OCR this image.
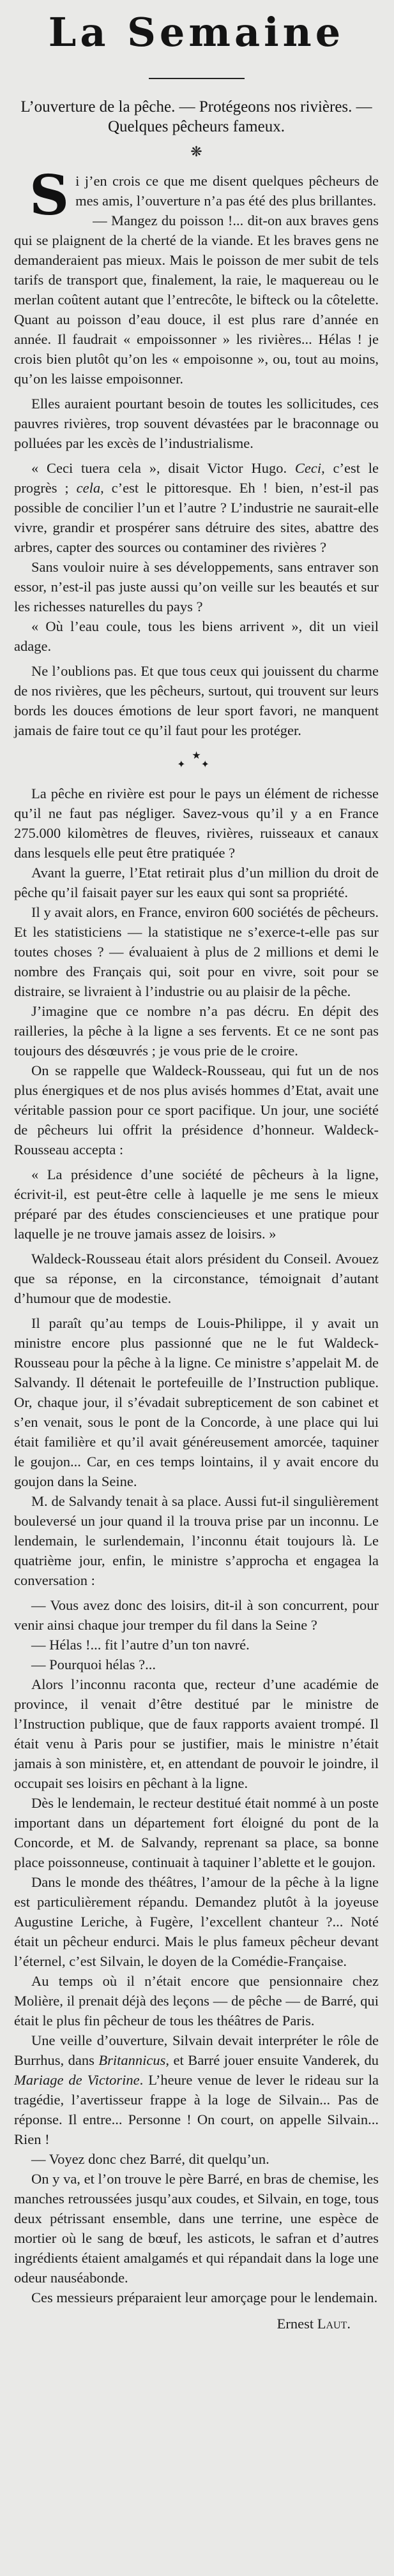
La Semaine
L’ouverture de la pêche. — Protégeons nos rivières. — Quelques pêcheurs fameux.
❋

Si j’en crois ce que me disent quelques pêcheurs de mes amis, l’ouverture n’a pas été des plus brillantes.

— Mangez du poisson !... dit-on aux braves gens qui se plaignent de la cherté de la viande. Et les braves gens ne demanderaient pas mieux. Mais le poisson de mer subit de tels tarifs de transport que, finalement, la raie, le maquereau ou le merlan coûtent autant que l’entrecôte, le bifteck ou la côtelette. Quant au poisson d’eau douce, il est plus rare d’année en année. Il faudrait « empoissonner » les rivières... Hélas ! je crois bien plutôt qu’on les « empoisonne », ou, tout au moins, qu’on les laisse empoisonner.

Elles auraient pourtant besoin de toutes les sollicitudes, ces pauvres rivières, trop souvent dévastées par le braconnage ou polluées par les excès de l’industrialisme.

« Ceci tuera cela », disait Victor Hugo. Ceci, c’est le progrès ; cela, c’est le pittoresque. Eh ! bien, n’est-il pas possible de concilier l’un et l’autre ? L’industrie ne saurait-elle vivre, grandir et prospérer sans détruire des sites, abattre des arbres, capter des sources ou contaminer des rivières ?

Sans vouloir nuire à ses développements, sans entraver son essor, n’est-il pas juste aussi qu’on veille sur les beautés et sur les richesses naturelles du pays ?

« Où l’eau coule, tous les biens arrivent », dit un vieil adage.

Ne l’oublions pas. Et que tous ceux qui jouissent du charme de nos rivières, que les pêcheurs, surtout, qui trouvent sur leurs bords les douces émotions de leur sport favori, ne manquent jamais de faire tout ce qu’il faut pour les protéger.

★
✦ ✦

La pêche en rivière est pour le pays un élément de richesse qu’il ne faut pas négliger. Savez-vous qu’il y a en France 275.000 kilomètres de fleuves, rivières, ruisseaux et canaux dans lesquels elle peut être pratiquée ?

Avant la guerre, l’Etat retirait plus d’un million du droit de pêche qu’il faisait payer sur les eaux qui sont sa propriété.

Il y avait alors, en France, environ 600 sociétés de pêcheurs. Et les statisticiens — la statistique ne s’exerce-t-elle pas sur toutes choses ? — évaluaient à plus de 2 millions et demi le nombre des Français qui, soit pour en vivre, soit pour se distraire, se livraient à l’industrie ou au plaisir de la pêche.

J’imagine que ce nombre n’a pas décru. En dépit des railleries, la pêche à la ligne a ses fervents. Et ce ne sont pas toujours des désœuvrés ; je vous prie de le croire.

On se rappelle que Waldeck-Rousseau, qui fut un de nos plus énergiques et de nos plus avisés hommes d’Etat, avait une véritable passion pour ce sport pacifique. Un jour, une société de pêcheurs lui offrit la présidence d’honneur. Waldeck-Rousseau accepta :

« La présidence d’une société de pêcheurs à la ligne, écrivit-il, est peut-être celle à laquelle je me sens le mieux préparé par des études consciencieuses et une pratique pour laquelle je ne trouve jamais assez de loisirs. »

Waldeck-Rousseau était alors président du Conseil. Avouez que sa réponse, en la circonstance, témoignait d’autant d’humour que de modestie.

Il paraît qu’au temps de Louis-Philippe, il y avait un ministre encore plus passionné que ne le fut Waldeck-Rousseau pour la pêche à la ligne. Ce ministre s’appelait M. de Salvandy. Il détenait le portefeuille de l’Instruction publique. Or, chaque jour, il s’évadait subrepticement de son cabinet et s’en venait, sous le pont de la Concorde, à une place qui lui était familière et qu’il avait généreusement amorcée, taquiner le goujon... Car, en ces temps lointains, il y avait encore du goujon dans la Seine.

M. de Salvandy tenait à sa place. Aussi fut-il singulièrement bouleversé un jour quand il la trouva prise par un inconnu. Le lendemain, le surlendemain, l’inconnu était toujours là. Le quatrième jour, enfin, le ministre s’approcha et engagea la conversation :

— Vous avez donc des loisirs, dit-il à son concurrent, pour venir ainsi chaque jour tremper du fil dans la Seine ?

— Hélas !... fit l’autre d’un ton navré.

— Pourquoi hélas ?...

Alors l’inconnu raconta que, recteur d’une académie de province, il venait d’être destitué par le ministre de l’Instruction publique, que de faux rapports avaient trompé. Il était venu à Paris pour se justifier, mais le ministre n’était jamais à son ministère, et, en attendant de pouvoir le joindre, il occupait ses loisirs en pêchant à la ligne.

Dès le lendemain, le recteur destitué était nommé à un poste important dans un département fort éloigné du pont de la Concorde, et M. de Salvandy, reprenant sa place, sa bonne place poissonneuse, continuait à taquiner l’ablette et le goujon.

Dans le monde des théâtres, l’amour de la pêche à la ligne est particulièrement répandu. Demandez plutôt à la joyeuse Augustine Leriche, à Fugère, l’excellent chanteur ?... Noté était un pêcheur endurci. Mais le plus fameux pêcheur devant l’éternel, c’est Silvain, le doyen de la Comédie-Française.

Au temps où il n’était encore que pensionnaire chez Molière, il prenait déjà des leçons — de pêche — de Barré, qui était le plus fin pêcheur de tous les théâtres de Paris.

Une veille d’ouverture, Silvain devait interpréter le rôle de Burrhus, dans Britannicus, et Barré jouer ensuite Vanderek, du Mariage de Victorine. L’heure venue de lever le rideau sur la tragédie, l’avertisseur frappe à la loge de Silvain... Pas de réponse. Il entre... Personne ! On court, on appelle Silvain... Rien !

— Voyez donc chez Barré, dit quelqu’un.

On y va, et l’on trouve le père Barré, en bras de chemise, les manches retroussées jusqu’aux coudes, et Silvain, en toge, tous deux pétrissant ensemble, dans une terrine, une espèce de mortier où le sang de bœuf, les asticots, le safran et d’autres ingrédients étaient amalgamés et qui répandait dans la loge une odeur nauséabonde.

Ces messieurs préparaient leur amorçage pour le lendemain.

Ernest Laut.
